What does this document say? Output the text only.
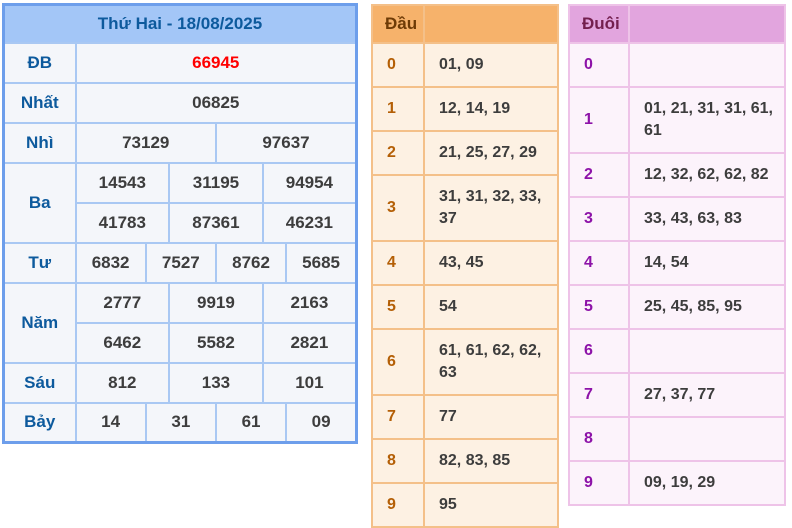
Thứ Hai - 18/08/2025						
ĐB	66945					
Nhất	06825					
Nhì	73129			97637		
Ba	14543		31195		94954	
	41783		87361		46231	
Tư	6832	7527		8762		5685
Năm	2777		9919		2163	
	6462		5582		2821	
Sáu	812		133		101	
Bảy	14	31		61		09
Đầu	
0	01, 09
1	12, 14, 19
2	21, 25, 27, 29
3	31, 31, 32, 33, 37
4	43, 45
5	54
6	61, 61, 62, 62, 63
7	77
8	82, 83, 85
9	95
Đuôi	
0	
1	01, 21, 31, 31, 61, 61
2	12, 32, 62, 62, 82
3	33, 43, 63, 83
4	14, 54
5	25, 45, 85, 95
6	
7	27, 37, 77
8	
9	09, 19, 29
